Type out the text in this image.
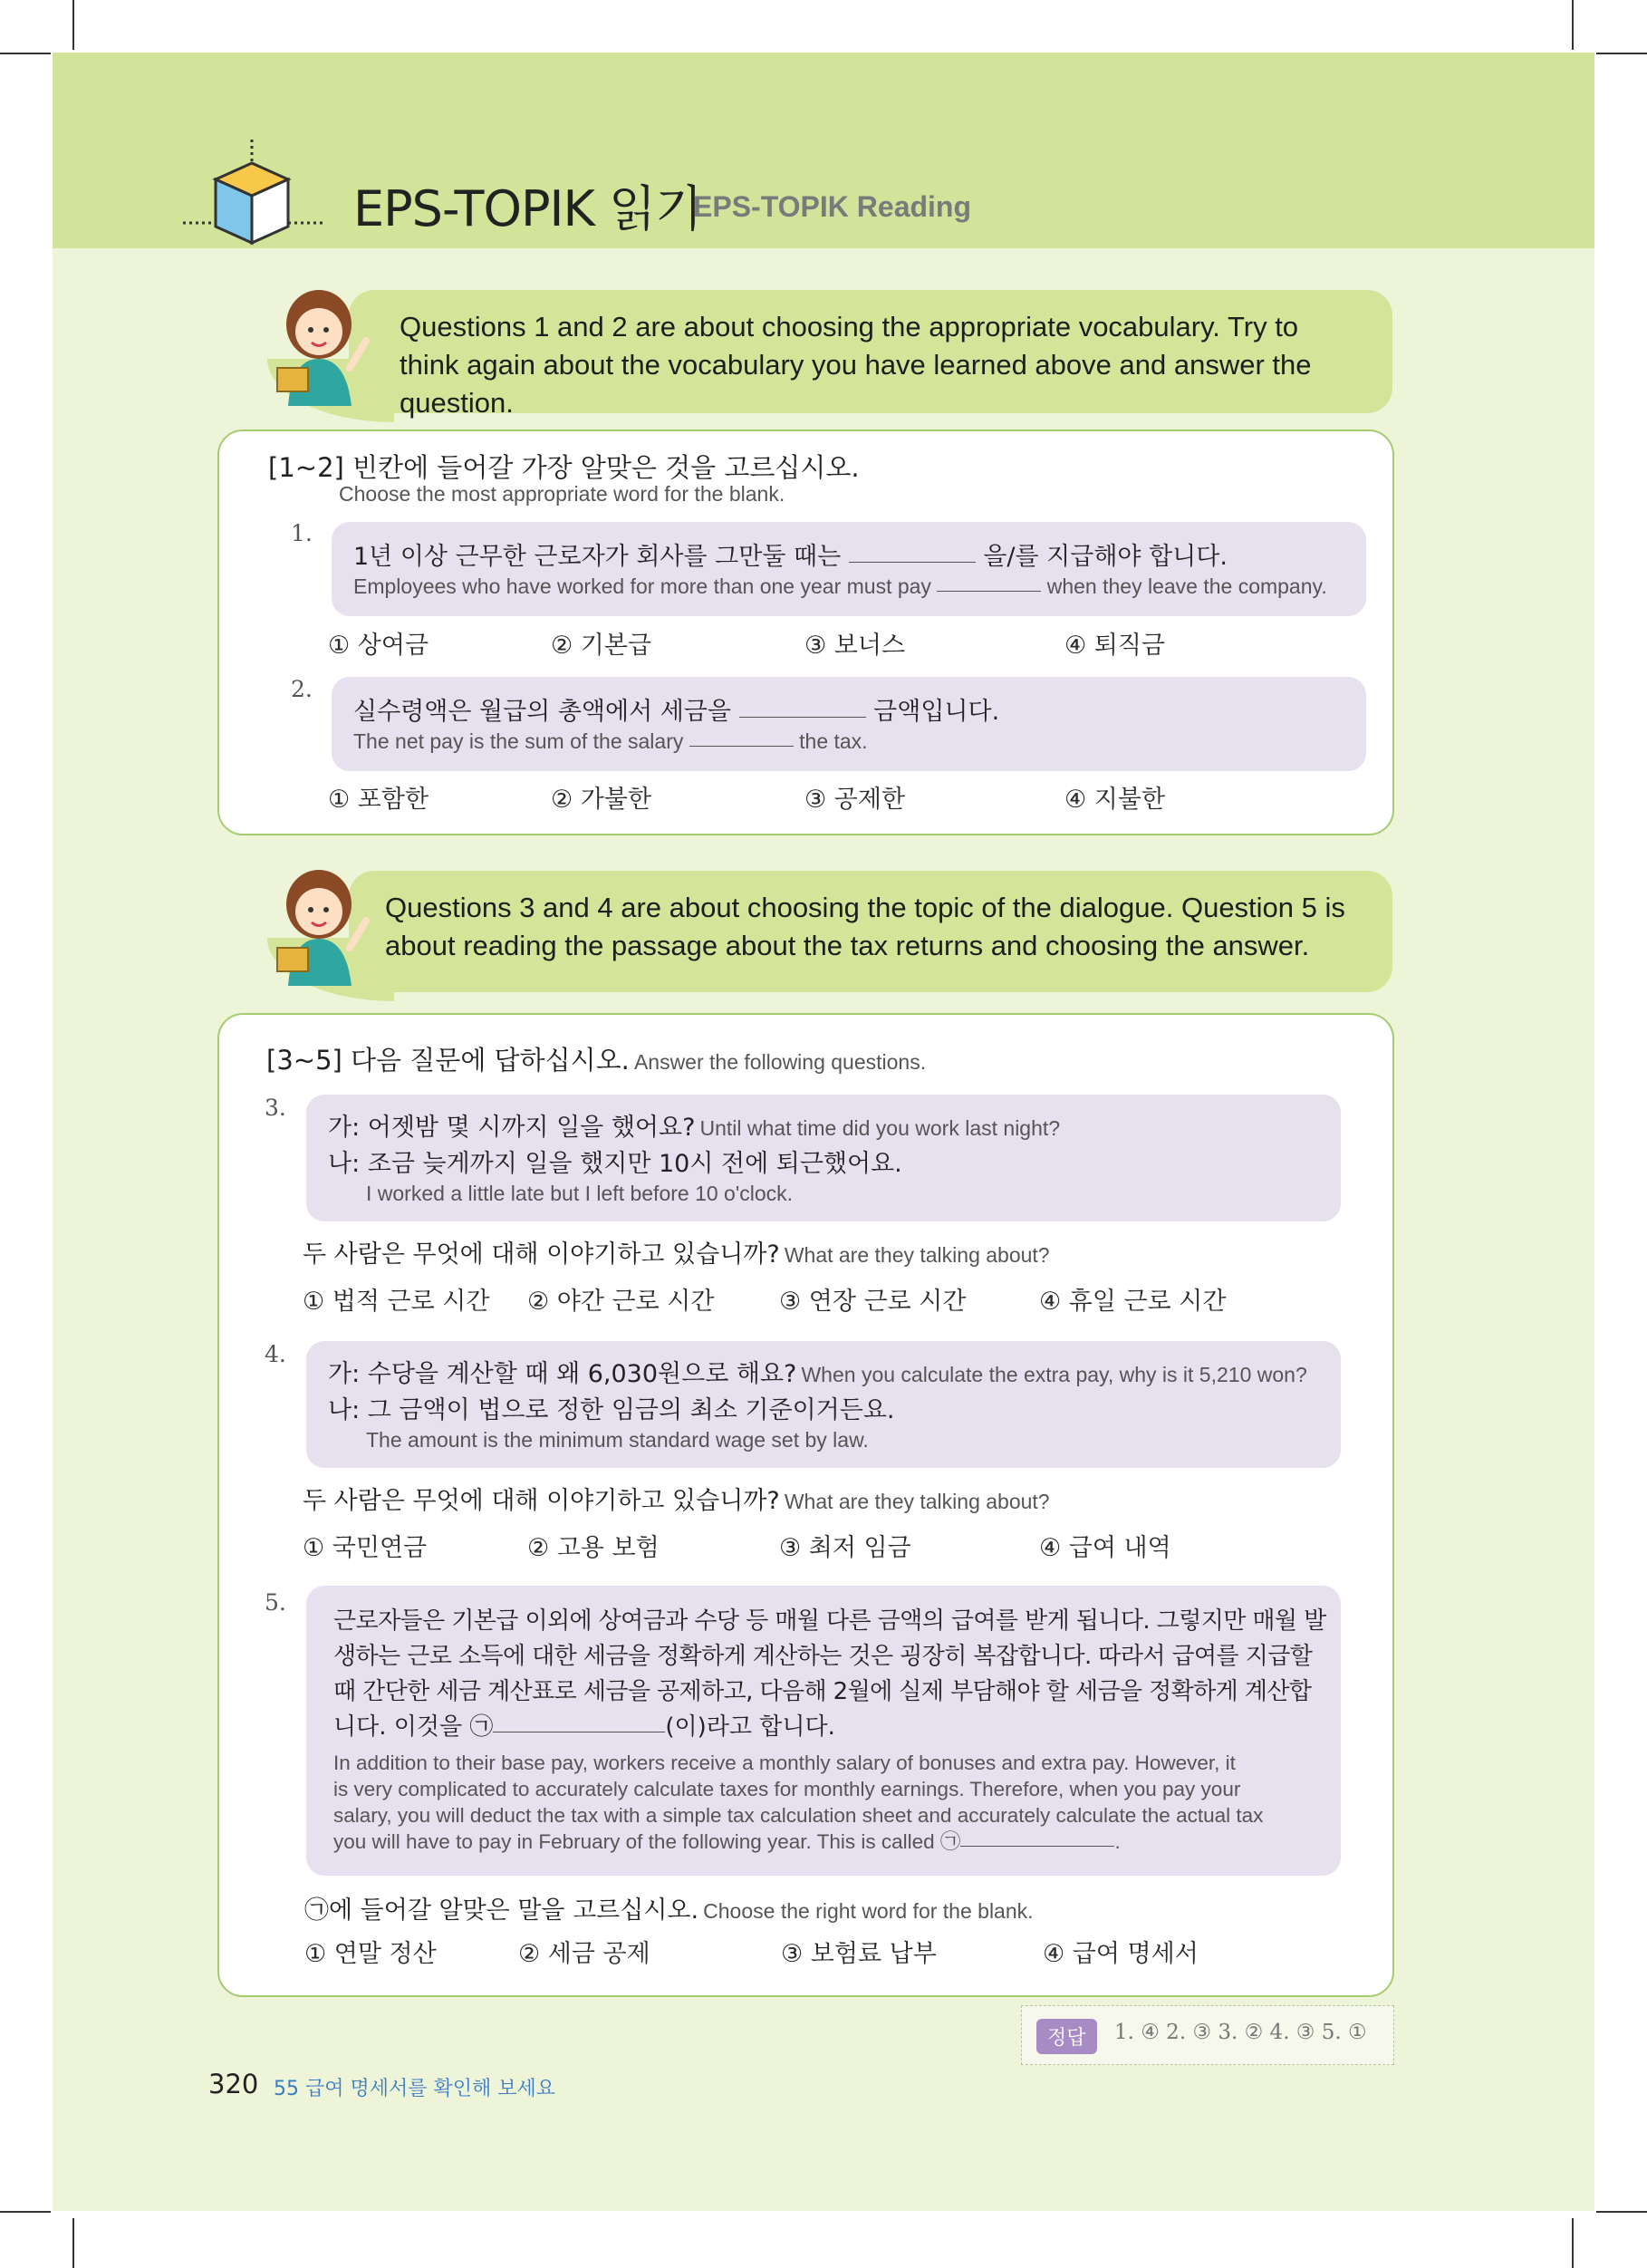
EPS-TOPIK 읽기
EPS-TOPIK Reading
Questions 1 and 2 are about choosing the appropriate vocabulary. Try to think again about the vocabulary you have learned above and answer the question.
[1~2] 빈칸에 들어갈 가장 알맞은 것을 고르십시오.
Choose the most appropriate word for the blank.
1.
1년 이상 근무한 근로자가 회사를 그만둘 때는	을/를 지급해야 합니다.
Employees who have worked for more than one year must pay	when they leave the company.
① 상여금	② 기본급	③ 보너스	④ 퇴직금
2.
실수령액은 월급의 총액에서 세금을	금액입니다.
The net pay is the sum of the salary	the tax.
① 포함한	② 가불한	③ 공제한	④ 지불한
Questions 3 and 4 are about choosing the topic of the dialogue. Question 5 is about reading the passage about the tax returns and choosing the answer.
[3~5] 다음 질문에 답하십시오. Answer the following questions.
3.
가: 어젯밤 몇 시까지 일을 했어요? Until what time did you work last night?
나: 조금 늦게까지 일을 했지만 10시 전에 퇴근했어요.
I worked a little late but I left before 10 o'clock.
두 사람은 무엇에 대해 이야기하고 있습니까? What are they talking about?
① 법적 근로 시간 ② 야간 근로 시간	③ 연장 근로 시간	④ 휴일 근로 시간
4.
가: 수당을 계산할 때 왜 6,030원으로 해요? When you calculate the extra pay, why is it 5,210 won?
나: 그 금액이 법으로 정한 임금의 최소 기준이거든요.
The amount is the minimum standard wage set by law.
두 사람은 무엇에 대해 이야기하고 있습니까? What are they talking about?
① 국민연금	② 고용 보험	③ 최저 임금	④ 급여 내역
5.
근로자들은 기본급 이외에 상여금과 수당 등 매월 다른 금액의 급여를 받게 됩니다. 그렇지만 매월 발
생하는 근로 소득에 대한 세금을 정확하게 계산하는 것은 굉장히 복잡합니다. 따라서 급여를 지급할
때 간단한 세금 계산표로 세금을 공제하고, 다음해 2월에 실제 부담해야 할 세금을 정확하게 계산합
니다. 이것을 ㉠	(이)라고 합니다.
In addition to their base pay, workers receive a monthly salary of bonuses and extra pay. However, it
is very complicated to accurately calculate taxes for monthly earnings. Therefore, when you pay your
salary, you will deduct the tax with a simple tax calculation sheet and accurately calculate the actual tax
you will have to pay in February of the following year. This is called ㉠	.
㉠에 들어갈 알맞은 말을 고르십시오. Choose the right word for the blank.
① 연말 정산	② 세금 공제	③ 보험료 납부	④ 급여 명세서
정답	1. ④ 2. ③ 3. ② 4. ③ 5. ①
320 55 급여 명세서를 확인해 보세요
